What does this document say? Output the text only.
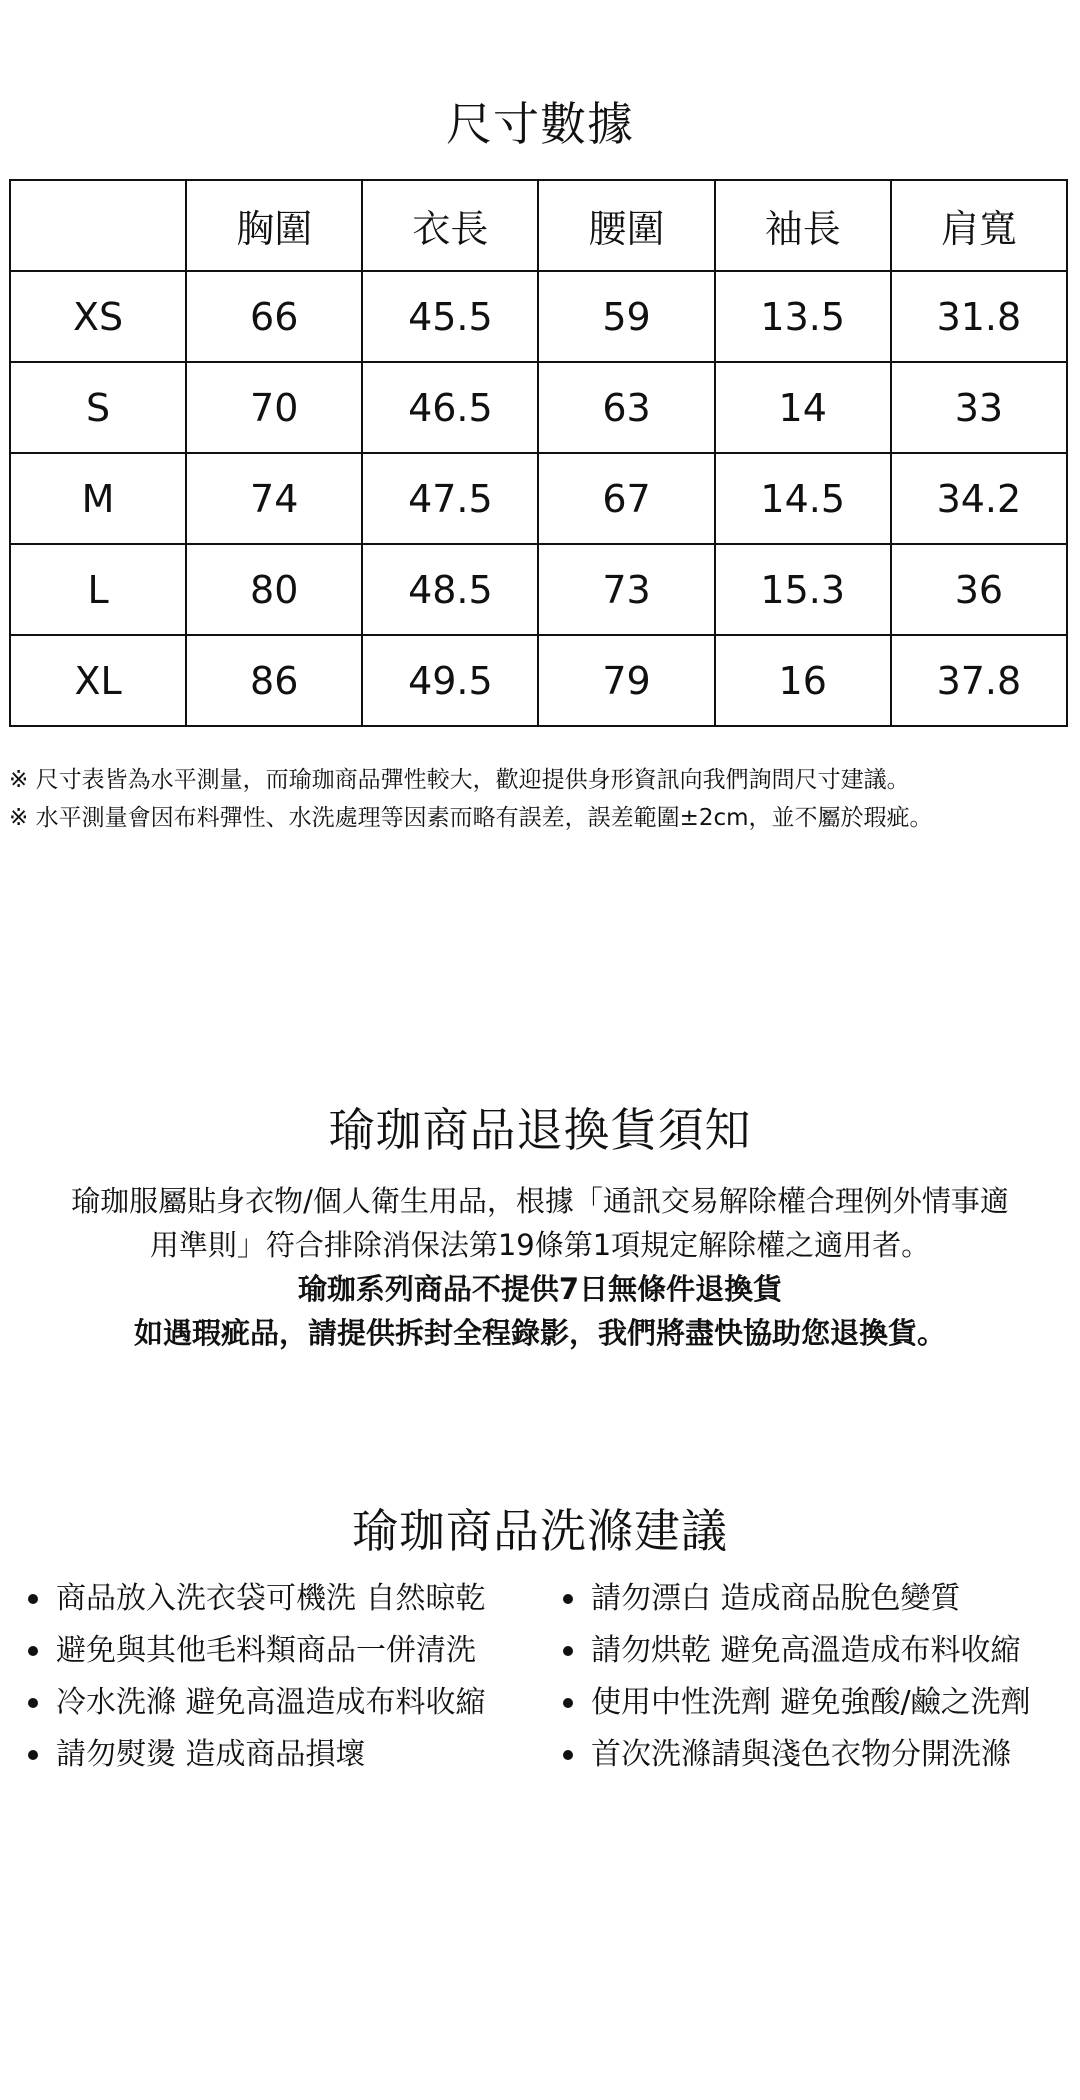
尺寸數據
	胸圍	衣長	腰圍	袖長	肩寬
XS	66	45.5	59	13.5	31.8
S	70	46.5	63	14	33
M	74	47.5	67	14.5	34.2
L	80	48.5	73	15.3	36
XL	86	49.5	79	16	37.8

※ 尺寸表皆為水平測量，而瑜珈商品彈性較大，歡迎提供身形資訊向我們詢問尺寸建議。

※ 水平測量會因布料彈性、水洗處理等因素而略有誤差，誤差範圍±2cm，並不屬於瑕疵。

瑜珈商品退換貨須知

瑜珈服屬貼身衣物/個人衛生用品，根據「通訊交易解除權合理例外情事適

用準則」符合排除消保法第19條第1項規定解除權之適用者。

瑜珈系列商品不提供7日無條件退換貨

如遇瑕疵品，請提供拆封全程錄影，我們將盡快協助您退換貨。

瑜珈商品洗滌建議
商品放入洗衣袋可機洗 自然晾乾	請勿漂白 造成商品脫色變質
避免與其他毛料類商品一併清洗	請勿烘乾 避免高溫造成布料收縮
冷水洗滌 避免高溫造成布料收縮	使用中性洗劑 避免強酸/鹼之洗劑
請勿熨燙 造成商品損壞	首次洗滌請與淺色衣物分開洗滌
